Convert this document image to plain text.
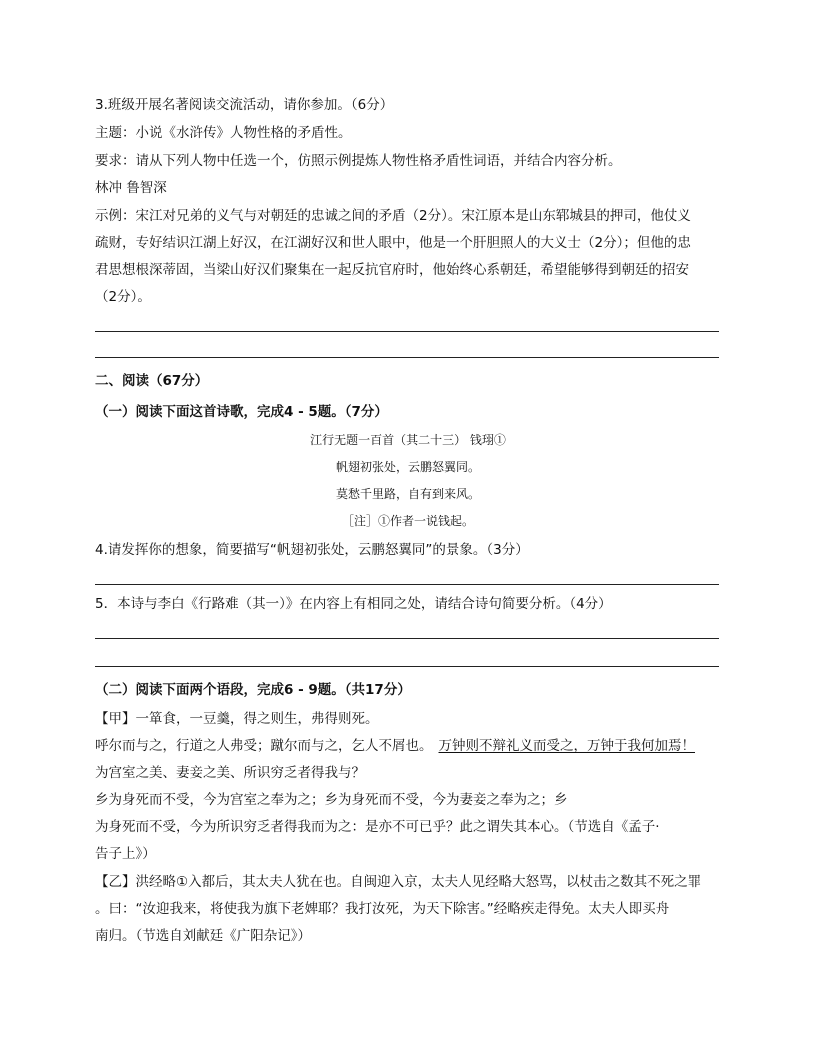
3.班级开展名著阅读交流活动，请你参加。（6分）
主题：小说《水浒传》人物性格的矛盾性。
要求：请从下列人物中任选一个，仿照示例提炼人物性格矛盾性词语，并结合内容分析。
林冲 鲁智深
示例：宋江对兄弟的义气与对朝廷的忠诚之间的矛盾（2分）。宋江原本是山东郓城县的押司，他仗义
疏财，专好结识江湖上好汉，在江湖好汉和世人眼中，他是一个肝胆照人的大义士（2分）；但他的忠
君思想根深蒂固，当梁山好汉们聚集在一起反抗官府时，他始终心系朝廷，希望能够得到朝廷的招安
（2分）。
二、阅读（67分）
（一）阅读下面这首诗歌，完成4 - 5题。（7分）
江行无题一百首（其二十三） 钱珝①
帆翅初张处，云鹏怒翼同。
莫愁千里路，自有到来风。
［注］①作者一说钱起。
4.请发挥你的想象，简要描写“帆翅初张处，云鹏怒翼同”的景象。（3分）
5．本诗与李白《行路难（其一）》在内容上有相同之处，请结合诗句简要分析。（4分）
（二）阅读下面两个语段，完成6 - 9题。（共17分）
【甲】一箪食，一豆羹，得之则生，弗得则死。
呼尔而与之，行道之人弗受；蹴尔而与之，乞人不屑也。 万钟则不辩礼义而受之，万钟于我何加焉！
为宫室之美、妻妾之美、所识穷乏者得我与？
乡为身死而不受，今为宫室之奉为之；乡为身死而不受，今为妻妾之奉为之；乡
为身死而不受，今为所识穷乏者得我而为之：是亦不可已乎？此之谓失其本心。（节选自《孟子·
告子上》）
【乙】洪经略①入都后，其太夫人犹在也。自闽迎入京，太夫人见经略大怒骂，以杖击之数其不死之罪
。曰：“汝迎我来，将使我为旗下老婢耶？我打汝死，为天下除害。”经略疾走得免。太夫人即买舟
南归。（节选自刘献廷《广阳杂记》）
